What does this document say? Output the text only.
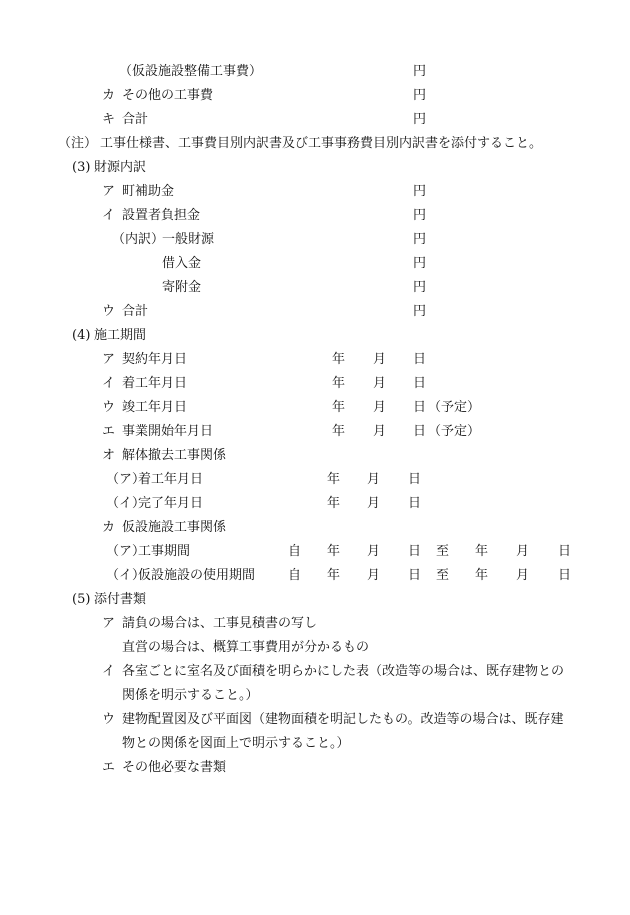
（仮設施設整備工事費）	円
カ その他の工事費	円
キ 合計	円
（注） 工事仕様書、工事費目別内訳書及び工事事務費目別内訳書を添付すること。
(3) 財源内訳
ア 町補助金	円
イ 設置者負担金	円
（内訳）
一般財源	円
借入金	円
寄附金	円
ウ 合計	円
(4) 施工期間
ア 契約年月日	年 月 日
イ 着工年月日	年 月 日
ウ 竣工年月日	年 月 日 （予定）
エ 事業開始年月日	年 月 日 （予定）
オ 解体撤去工事関係
（ア）
着工年月日	年 月 日
（イ）
完了年月日	年 月 日
カ 仮設施設工事関係
（ア）
工事期間	自 年 月 日 至 年 月 日
（イ）
仮設施設の使用期間	自 年 月 日 至 年 月 日
(5) 添付書類
ア 請負の場合は、工事見積書の写し
直営の場合は、概算工事費用が分かるもの
イ 各室ごとに室名及び面積を明らかにした表（改造等の場合は、既存建物との
関係を明示すること。）
ウ 建物配置図及び平面図（建物面積を明記したもの。改造等の場合は、既存建
物との関係を図面上で明示すること。）
エ その他必要な書類
